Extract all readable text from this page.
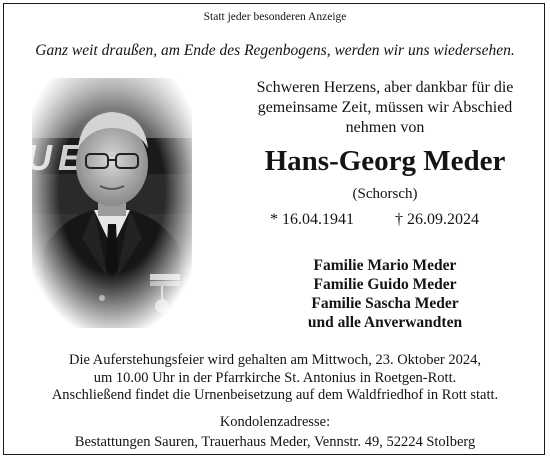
Statt jeder besonderen Anzeige
Ganz weit draußen, am Ende des Regenbogens, werden wir uns wiedersehen.
Schweren Herzens, aber dankbar für die
gemeinsame Zeit, müssen wir Abschied
nehmen von
Hans-Georg Meder
(Schorsch)
* 16.04.1941	† 26.09.2024
Familie Mario Meder
Familie Guido Meder
Familie Sascha Meder
und alle Anverwandten
Die Auferstehungsfeier wird gehalten am Mittwoch, 23. Oktober 2024,
um 10.00 Uhr in der Pfarrkirche St. Antonius in Roetgen-Rott.
Anschließend findet die Urnenbeisetzung auf dem Waldfriedhof in Rott statt.
Kondolenzadresse:
Bestattungen Sauren, Trauerhaus Meder, Vennstr. 49, 52224 Stolberg
